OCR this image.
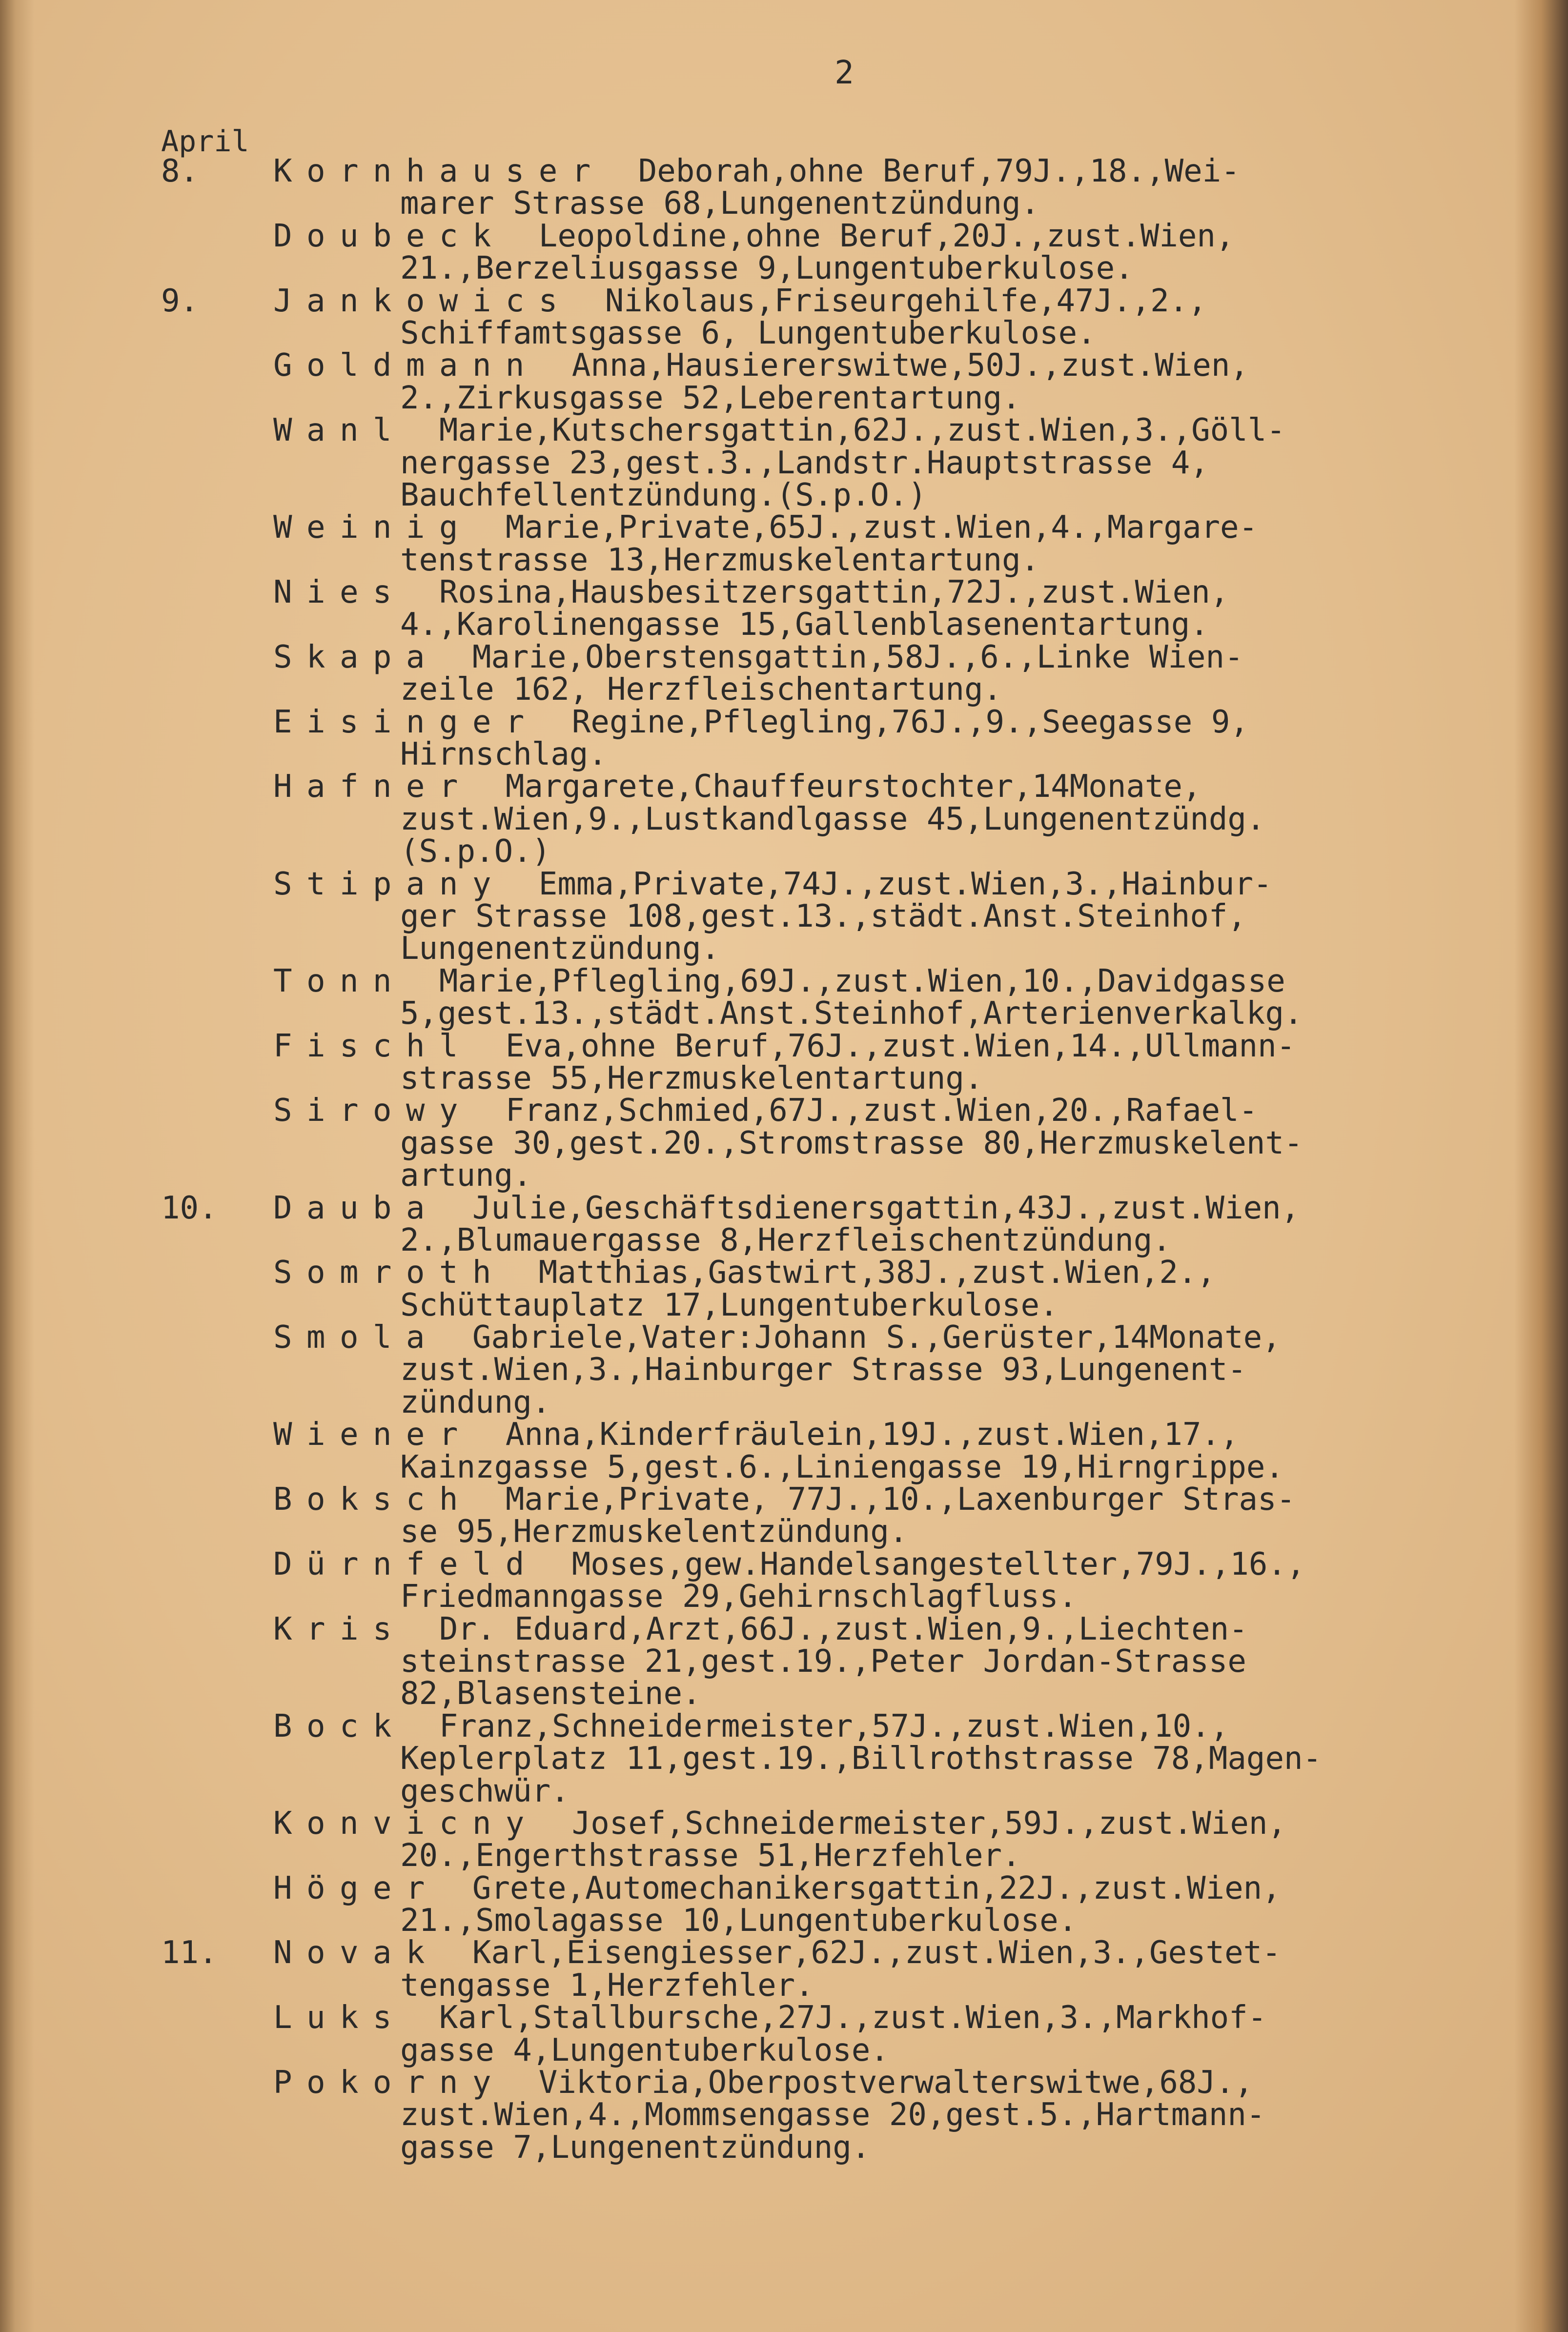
2
April
8.	Kornhauser Deborah,ohne Beruf,79J.,18.,Wei-
marer Strasse 68,Lungenentzündung.
Doubeck Leopoldine,ohne Beruf,20J.,zust.Wien,
21.,Berzeliusgasse 9,Lungentuberkulose.
9.	Jankowics Nikolaus,Friseurgehilfe,47J.,2.,
Schiffamtsgasse 6, Lungentuberkulose.
Goldmann Anna,Hausiererswitwe,50J.,zust.Wien,
2.,Zirkusgasse 52,Leberentartung.
Wanl Marie,Kutschersgattin,62J.,zust.Wien,3.,Göll-
nergasse 23,gest.3.,Landstr.Hauptstrasse 4,
Bauchfellentzündung.(S.p.O.)
Weinig Marie,Private,65J.,zust.Wien,4.,Margare-
tenstrasse 13,Herzmuskelentartung.
Nies Rosina,Hausbesitzersgattin,72J.,zust.Wien,
4.,Karolinengasse 15,Gallenblasenentartung.
Skapa Marie,Oberstensgattin,58J.,6.,Linke Wien-
zeile 162, Herzfleischentartung.
Eisinger Regine,Pflegling,76J.,9.,Seegasse 9,
Hirnschlag.
Hafner Margarete,Chauffeurstochter,14Monate,
zust.Wien,9.,Lustkandlgasse 45,Lungenentzündg.
(S.p.O.)
Stipany Emma,Private,74J.,zust.Wien,3.,Hainbur-
ger Strasse 108,gest.13.,städt.Anst.Steinhof,
Lungenentzündung.
Tonn Marie,Pflegling,69J.,zust.Wien,10.,Davidgasse
5,gest.13.,städt.Anst.Steinhof,Arterienverkalkg.
Fischl Eva,ohne Beruf,76J.,zust.Wien,14.,Ullmann-
strasse 55,Herzmuskelentartung.
Sirowy Franz,Schmied,67J.,zust.Wien,20.,Rafael-
gasse 30,gest.20.,Stromstrasse 80,Herzmuskelent-
artung.
10.	Dauba Julie,Geschäftsdienersgattin,43J.,zust.Wien,
2.,Blumauergasse 8,Herzfleischentzündung.
Somroth Matthias,Gastwirt,38J.,zust.Wien,2.,
Schüttauplatz 17,Lungentuberkulose.
Smola Gabriele,Vater:Johann S.,Gerüster,14Monate,
zust.Wien,3.,Hainburger Strasse 93,Lungenent-
zündung.
Wiener Anna,Kinderfräulein,19J.,zust.Wien,17.,
Kainzgasse 5,gest.6.,Liniengasse 19,Hirngrippe.
Boksch Marie,Private, 77J.,10.,Laxenburger Stras-
se 95,Herzmuskelentzündung.
Dürnfeld Moses,gew.Handelsangestellter,79J.,16.,
Friedmanngasse 29,Gehirnschlagfluss.
Kris Dr. Eduard,Arzt,66J.,zust.Wien,9.,Liechten-
steinstrasse 21,gest.19.,Peter Jordan-Strasse
82,Blasensteine.
Bock Franz,Schneidermeister,57J.,zust.Wien,10.,
Keplerplatz 11,gest.19.,Billrothstrasse 78,Magen-
geschwür.
Konvicny Josef,Schneidermeister,59J.,zust.Wien,
20.,Engerthstrasse 51,Herzfehler.
Höger Grete,Automechanikersgattin,22J.,zust.Wien,
21.,Smolagasse 10,Lungentuberkulose.
11.	Novak Karl,Eisengiesser,62J.,zust.Wien,3.,Gestet-
tengasse 1,Herzfehler.
Luks Karl,Stallbursche,27J.,zust.Wien,3.,Markhof-
gasse 4,Lungentuberkulose.
Pokorny Viktoria,Oberpostverwalterswitwe,68J.,
zust.Wien,4.,Mommsengasse 20,gest.5.,Hartmann-
gasse 7,Lungenentzündung.
